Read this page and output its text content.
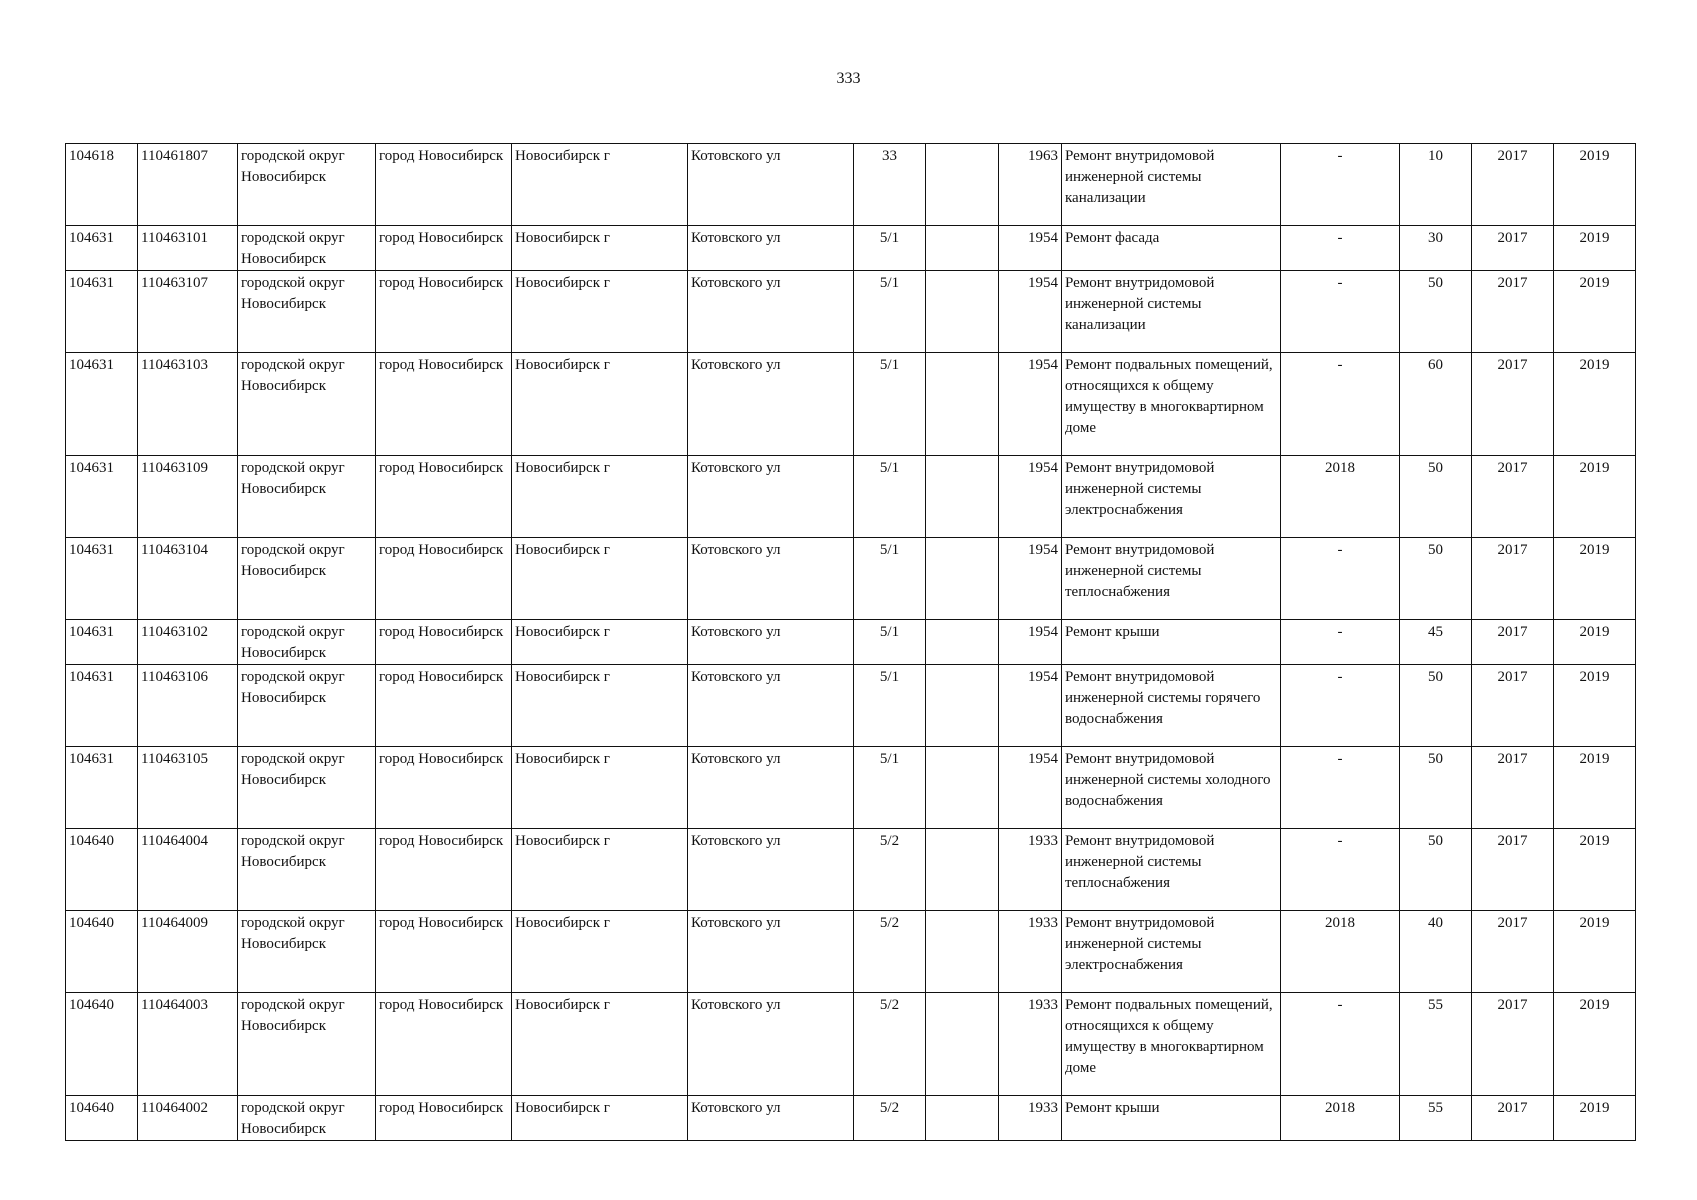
333
104618	110461807	городской округ Новосибирск	город Новосибирск	Новосибирск г	Котовского ул	33		1963	Ремонт внутридомовой инженерной системы канализации	-	10	2017	2019
104631	110463101	городской округ Новосибирск	город Новосибирск	Новосибирск г	Котовского ул	5/1		1954	Ремонт фасада	-	30	2017	2019
104631	110463107	городской округ Новосибирск	город Новосибирск	Новосибирск г	Котовского ул	5/1		1954	Ремонт внутридомовой инженерной системы канализации	-	50	2017	2019
104631	110463103	городской округ Новосибирск	город Новосибирск	Новосибирск г	Котовского ул	5/1		1954	Ремонт подвальных помещений, относящихся к общему имуществу в многоквартирном доме	-	60	2017	2019
104631	110463109	городской округ Новосибирск	город Новосибирск	Новосибирск г	Котовского ул	5/1		1954	Ремонт внутридомовой инженерной системы электроснабжения	2018	50	2017	2019
104631	110463104	городской округ Новосибирск	город Новосибирск	Новосибирск г	Котовского ул	5/1		1954	Ремонт внутридомовой инженерной системы теплоснабжения	-	50	2017	2019
104631	110463102	городской округ Новосибирск	город Новосибирск	Новосибирск г	Котовского ул	5/1		1954	Ремонт крыши	-	45	2017	2019
104631	110463106	городской округ Новосибирск	город Новосибирск	Новосибирск г	Котовского ул	5/1		1954	Ремонт внутридомовой инженерной системы горячего водоснабжения	-	50	2017	2019
104631	110463105	городской округ Новосибирск	город Новосибирск	Новосибирск г	Котовского ул	5/1		1954	Ремонт внутридомовой инженерной системы холодного водоснабжения	-	50	2017	2019
104640	110464004	городской округ Новосибирск	город Новосибирск	Новосибирск г	Котовского ул	5/2		1933	Ремонт внутридомовой инженерной системы теплоснабжения	-	50	2017	2019
104640	110464009	городской округ Новосибирск	город Новосибирск	Новосибирск г	Котовского ул	5/2		1933	Ремонт внутридомовой инженерной системы электроснабжения	2018	40	2017	2019
104640	110464003	городской округ Новосибирск	город Новосибирск	Новосибирск г	Котовского ул	5/2		1933	Ремонт подвальных помещений, относящихся к общему имуществу в многоквартирном доме	-	55	2017	2019
104640	110464002	городской округ Новосибирск	город Новосибирск	Новосибирск г	Котовского ул	5/2		1933	Ремонт крыши	2018	55	2017	2019
